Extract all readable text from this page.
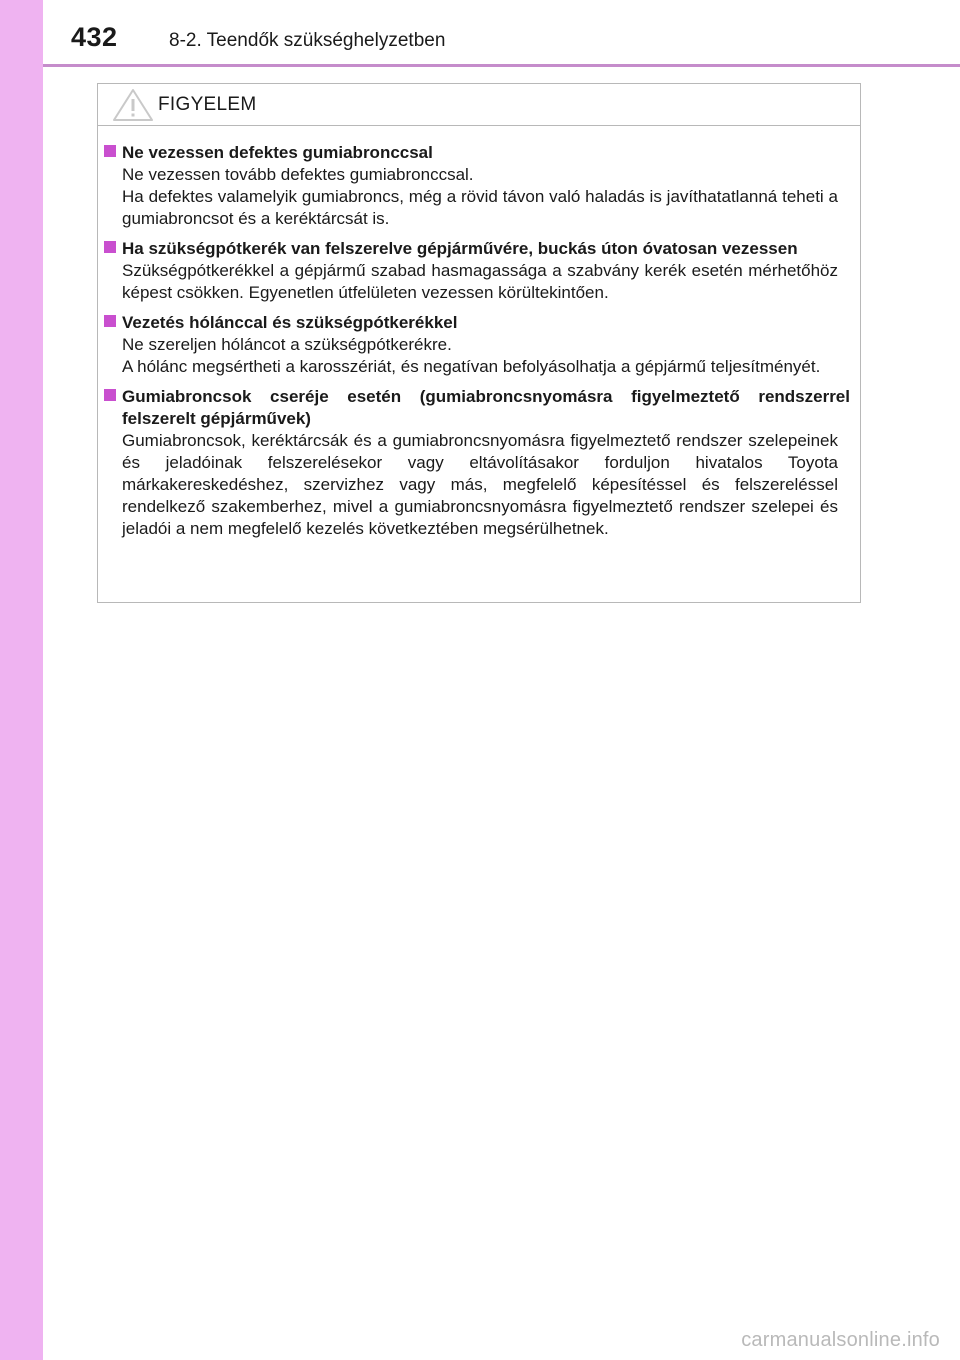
432	8-2. Teendők szükséghelyzetben
FIGYELEM
Ne vezessen defektes gumiabronccsal
Ne vezessen tovább defektes gumiabronccsal.
Ha defektes valamelyik gumiabroncs, még a rövid távon való haladás is javíthatatlanná teheti a gumiabroncsot és a keréktárcsát is.
Ha szükségpótkerék van felszerelve gépjárművére, buckás úton óvatosan vezessen
Szükségpótkerékkel a gépjármű szabad hasmagassága a szabvány kerék esetén mérhetőhöz képest csökken. Egyenetlen útfelületen vezessen körültekintően.
Vezetés hólánccal és szükségpótkerékkel
Ne szereljen hóláncot a szükségpótkerékre.
A hólánc megsértheti a karosszériát, és negatívan befolyásolhatja a gépjármű teljesítményét.
Gumiabroncsok cseréje esetén (gumiabroncsnyomásra figyelmeztető rendszerrel felszerelt gépjárművek)
Gumiabroncsok, keréktárcsák és a gumiabroncsnyomásra figyelmeztető rendszer szelepeinek és jeladóinak felszerelésekor vagy eltávolításakor forduljon hivatalos Toyota márkakereskedéshez, szervizhez vagy más, megfelelő képesítéssel és felszereléssel rendelkező szakemberhez, mivel a gumiabroncsnyomásra figyelmeztető rendszer szelepei és jeladói a nem megfelelő kezelés következtében megsérülhetnek.
carmanualsonline.info
